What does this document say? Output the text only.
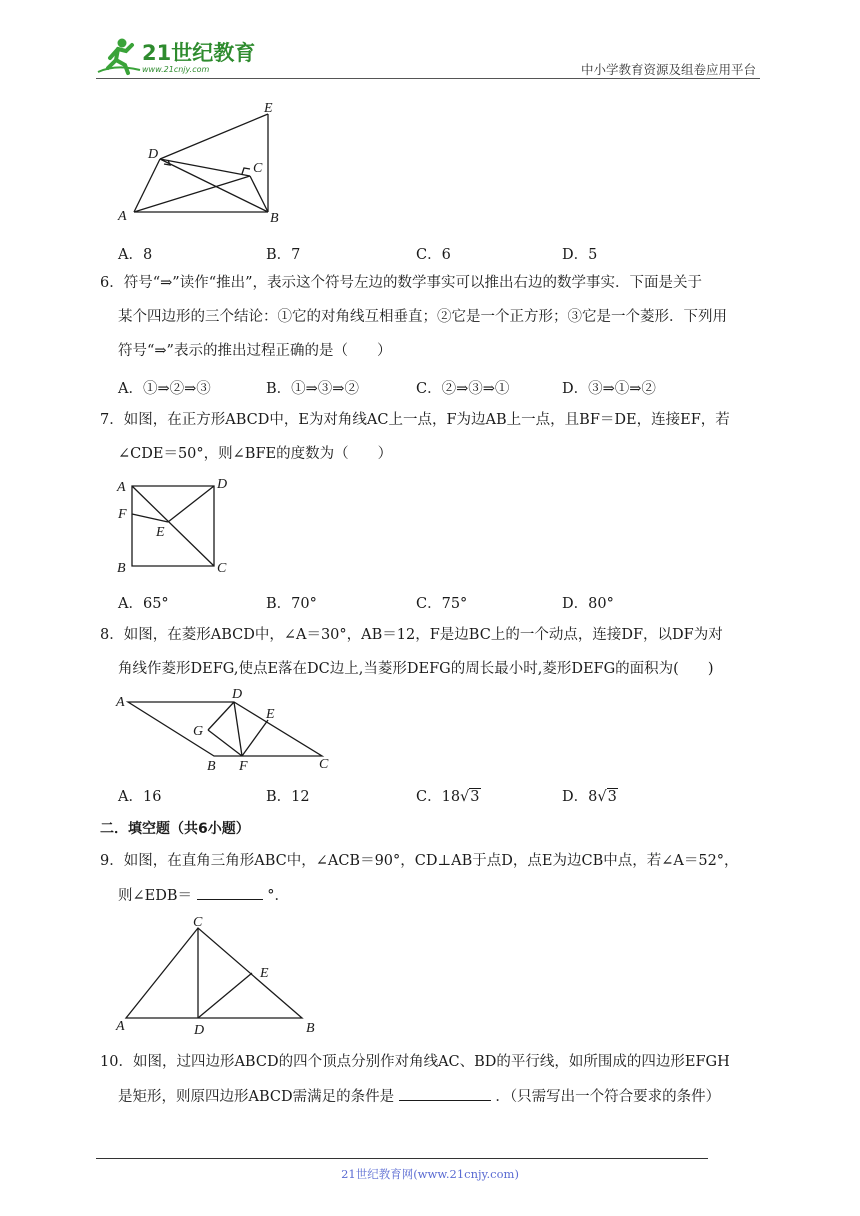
21世纪教育
www.21cnjy.com	中小学教育资源及组卷应用平台
E
D
C
A	B
A．8	B．7	C．6	D．5
6．符号“⇒”读作“推出”，表示这个符号左边的数学事实可以推出右边的数学事实．下面是关于
某个四边形的三个结论：①它的对角线互相垂直；②它是一个正方形；③它是一个菱形．下列用
符号“⇒”表示的推出过程正确的是（　　）
A．①⇒②⇒③	B．①⇒③⇒②	C．②⇒③⇒①	D．③⇒①⇒②
7．如图，在正方形ABCD中，E为对角线AC上一点，F为边AB上一点，且BF＝DE，连接EF，若
∠CDE＝50°，则∠BFE的度数为（　　）
A	D
F
E
B	C
A．65°	B．70°	C．75°	D．80°
8．如图，在菱形ABCD中，∠A＝30°，AB＝12，F是边BC上的一个动点，连接DF，以DF为对
角线作菱形DEFG,使点E落在DC边上,当菱形DEFG的周长最小时,菱形DEFG的面积为(　　)
A
D
E
G
B F	C
A．16	B．12	C．18√3	D．8√3
二．填空题（共6小题）
9．如图，在直角三角形ABC中，∠ACB＝90°，CD⊥AB于点D，点E为边CB中点，若∠A＝52°，
则∠EDB＝	°．
C
E
A	D	B
10．如图，过四边形ABCD的四个顶点分别作对角线AC、BD的平行线，如所围成的四边形EFGH
是矩形，则原四边形ABCD需满足的条件是	．（只需写出一个符合要求的条件）
21世纪教育网(www.21cnjy.com)
